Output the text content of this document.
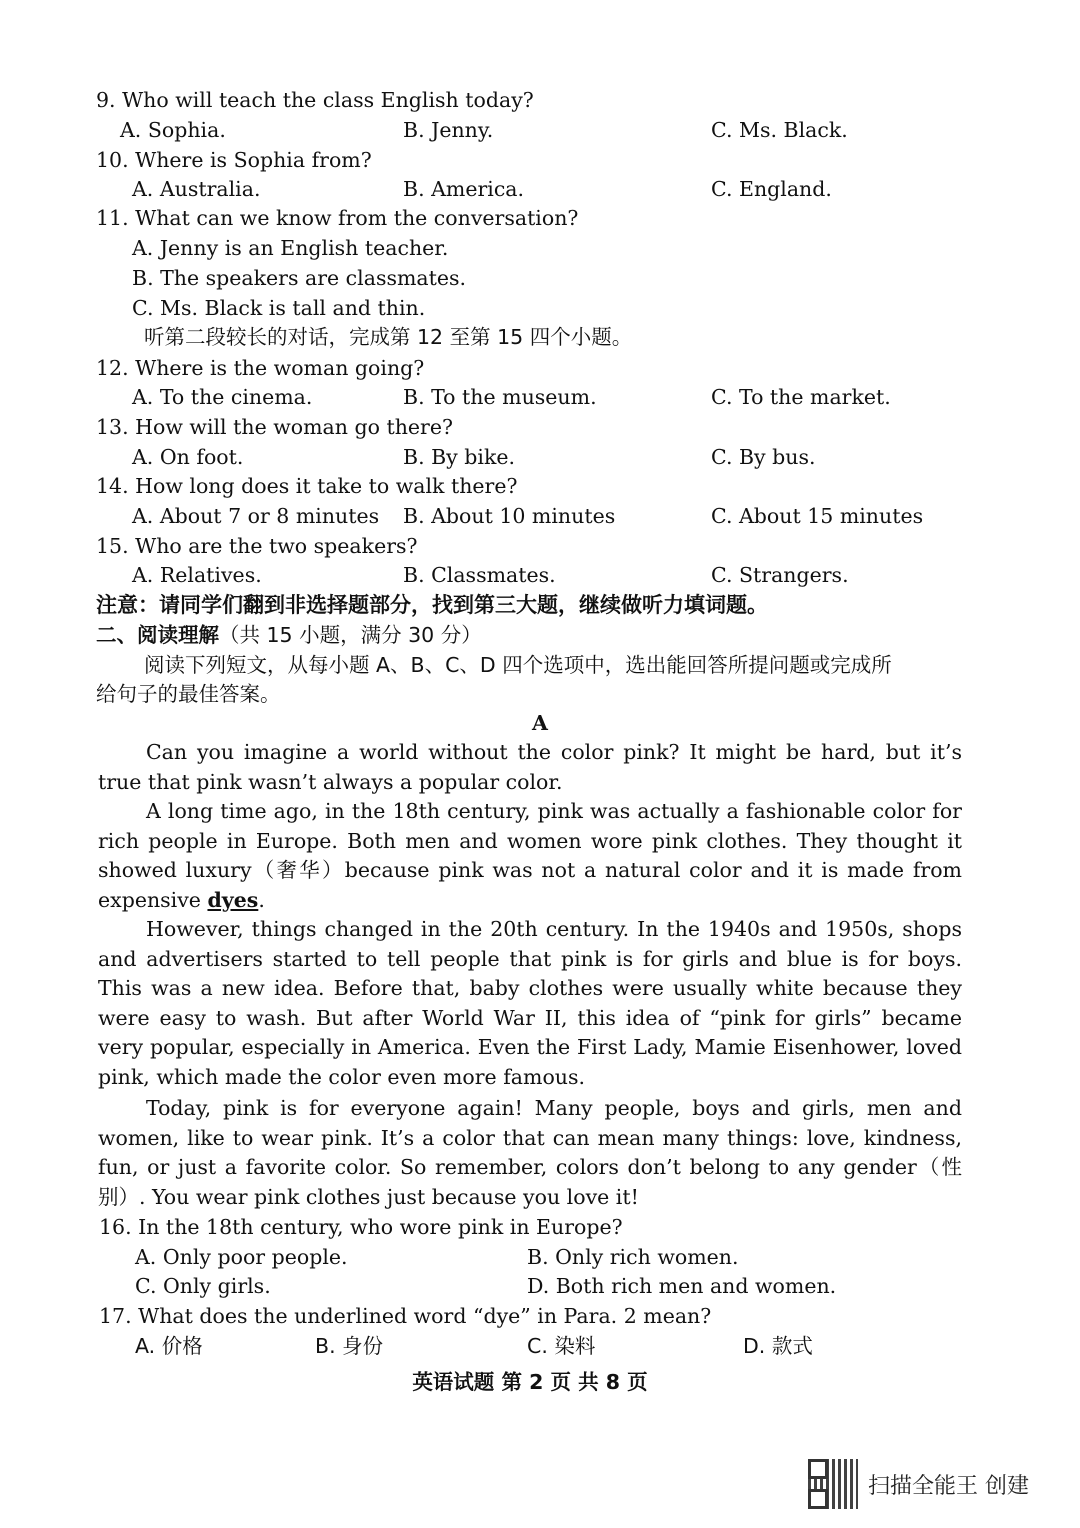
9. Who will teach the class English today?
A. Sophia.	B. Jenny.	C. Ms. Black.
10. Where is Sophia from?
A. Australia.	B. America.	C. England.
11. What can we know from the conversation?
A. Jenny is an English teacher.
B. The speakers are classmates.
C. Ms. Black is tall and thin.
听第二段较长的对话，完成第 12 至第 15 四个小题。
12. Where is the woman going?
A. To the cinema.	B. To the museum.	C. To the market.
13. How will the woman go there?
A. On foot.	B. By bike.	C. By bus.
14. How long does it take to walk there?
A. About 7 or 8 minutes B. About 10 minutes	C. About 15 minutes
15. Who are the two speakers?
A. Relatives.	B. Classmates.	C. Strangers.
注意：请同学们翻到非选择题部分，找到第三大题，继续做听力填词题。
二、阅读理解（共 15 小题，满分 30 分）
阅读下列短文，从每小题 A、B、C、D 四个选项中，选出能回答所提问题或完成所
给句子的最佳答案。
A
Can you imagine a world without the color pink? It might be hard, but it’s true that pink wasn’t always a popular color.
A long time ago, in the 18th century, pink was actually a fashionable color for rich people in Europe. Both men and women wore pink clothes. They thought it showed luxury（奢华）because pink was not a natural color and it is made from expensive dyes.
However, things changed in the 20th century. In the 1940s and 1950s, shops and advertisers started to tell people that pink is for girls and blue is for boys. This was a new idea. Before that, baby clothes were usually white because they were easy to wash. But after World War II, this idea of “pink for girls” became very popular, especially in America. Even the First Lady, Mamie Eisenhower, loved pink, which made the color even more famous.
Today, pink is for everyone again! Many people, boys and girls, men and women, like to wear pink. It’s a color that can mean many things: love, kindness, fun, or just a favorite color. So remember, colors don’t belong to any gender（性别）. You wear pink clothes just because you love it!
16. In the 18th century, who wore pink in Europe?
A. Only poor people.	B. Only rich women.
C. Only girls.	D. Both rich men and women.
17. What does the underlined word “dye” in Para. 2 mean?
A. 价格	B. 身份	C. 染料	D. 款式
英语试题 第 2 页 共 8 页
扫描全能王 创建
